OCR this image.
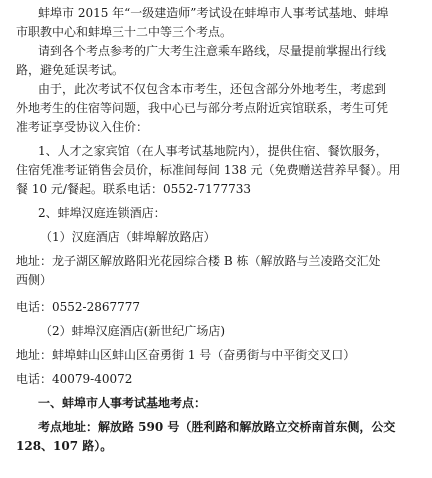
蚌埠市 2015 年“一级建造师”考试设在蚌埠市人事考试基地、蚌埠
市职教中心和蚌埠三十二中等三个考点。
请到各个考点参考的广大考生注意乘车路线，尽量提前掌握出行线
路，避免延误考试。
由于，此次考试不仅包含本市考生，还包含部分外地考生，考虑到
外地考生的住宿等问题，我中心已与部分考点附近宾馆联系，考生可凭
准考证享受协议入住价：
1、人才之家宾馆（在人事考试基地院内），提供住宿、餐饮服务，
住宿凭准考证销售会员价，标准间每间 138 元（免费赠送营养早餐）。用
餐 10 元/餐起。联系电话：0552-7177733
2、蚌埠汉庭连锁酒店：
（1）汉庭酒店（蚌埠解放路店）
地址：龙子湖区解放路阳光花园综合楼 B 栋（解放路与兰凌路交汇处
西侧）
电话：0552-2867777
（2）蚌埠汉庭酒店(新世纪广场店)
地址：蚌埠蚌山区蚌山区奋勇街 1 号（奋勇街与中平街交叉口）
电话：40079-40072
一、蚌埠市人事考试基地考点：
考点地址：解放路 590 号（胜利路和解放路立交桥南首东侧，公交
128、107 路）。
